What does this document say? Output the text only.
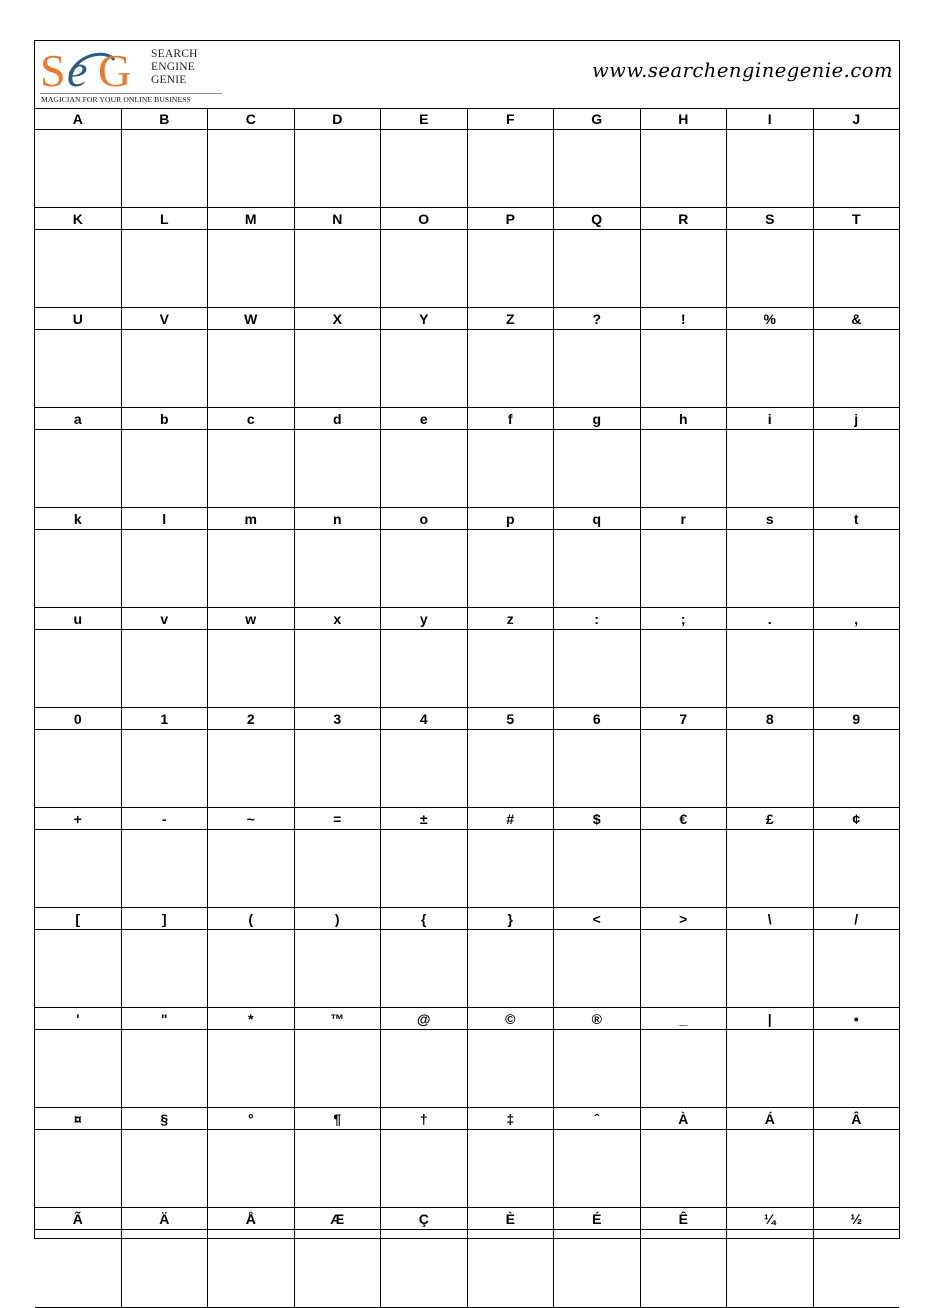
S e G SEARCH
ENGINE
GENIE
MAGICIAN FOR YOUR ONLINE BUSINESS
www.searchenginegenie.com
A	B	C	D	E	F	G	H	I	J
K	L	M	N	O	P	Q	R	S	T
U	V	W	X	Y	Z	?	!	%	&
a	b	c	d	e	f	g	h	i	j
k	l	m	n	o	p	q	r	s	t
u	v	w	x	y	z	:	;	.	,
0	1	2	3	4	5	6	7	8	9
+	-	~	=	±	#	$	€	£	¢
[	]	(	)	{	}	<	>	\	/
'	"	*	™	@	©	®	_	|	•
¤	§	°	¶	†	‡	ˆ	À	Á	Â
Ã	Ä	Å	Æ	Ç	È	É	Ê	¼	½
